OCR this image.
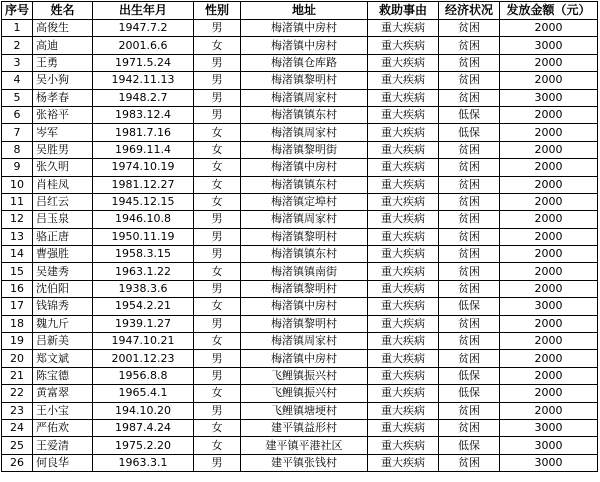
序号	姓名	出生年月	性别	地址	救助事由	经济状况	发放金额（元）
1	高俊生	1947.7.2	男	梅渚镇中房村	重大疾病	贫困	2000
2	高迪	2001.6.6	女	梅渚镇中房村	重大疾病	贫困	3000
3	王勇	1971.5.24	男	梅渚镇仓库路	重大疾病	贫困	2000
4	吴小狗	1942.11.13	男	梅渚镇黎明村	重大疾病	贫困	2000
5	杨孝春	1948.2.7	男	梅渚镇周家村	重大疾病	贫困	3000
6	张裕平	1983.12.4	男	梅渚镇镇东村	重大疾病	低保	2000
7	岑军	1981.7.16	女	梅渚镇周家村	重大疾病	低保	2000
8	吴胜男	1969.11.4	女	梅渚镇黎明街	重大疾病	贫困	2000
9	张久明	1974.10.19	女	梅渚镇中房村	重大疾病	贫困	2000
10	肖桂凤	1981.12.27	女	梅渚镇镇东村	重大疾病	贫困	2000
11	吕红云	1945.12.15	女	梅渚镇定埠村	重大疾病	贫困	2000
12	吕玉泉	1946.10.8	男	梅渚镇周家村	重大疾病	贫困	2000
13	骆正唐	1950.11.19	男	梅渚镇黎明村	重大疾病	贫困	2000
14	曹强胜	1958.3.15	男	梅渚镇镇东村	重大疾病	贫困	2000
15	吴建秀	1963.1.22	女	梅渚镇镇南街	重大疾病	贫困	2000
16	沈伯阳	1938.3.6	男	梅渚镇黎明村	重大疾病	贫困	2000
17	钱锦秀	1954.2.21	女	梅渚镇中房村	重大疾病	低保	3000
18	魏九斤	1939.1.27	男	梅渚镇黎明村	重大疾病	贫困	2000
19	吕新美	1947.10.21	女	梅渚镇周家村	重大疾病	贫困	2000
20	郑文斌	2001.12.23	男	梅渚镇中房村	重大疾病	贫困	2000
21	陈宝德	1956.8.8	男	飞鲤镇振兴村	重大疾病	低保	2000
22	黄富翠	1965.4.1	女	飞鲤镇振兴村	重大疾病	低保	2000
23	王小宝	194.10.20	男	飞鲤镇塘埂村	重大疾病	贫困	2000
24	严佑欢	1987.4.24	女	建平镇益形村	重大疾病	贫困	3000
25	王爱清	1975.2.20	女	建平镇平港社区	重大疾病	低保	3000
26	何良华	1963.3.1	男	建平镇张钱村	重大疾病	贫困	3000
